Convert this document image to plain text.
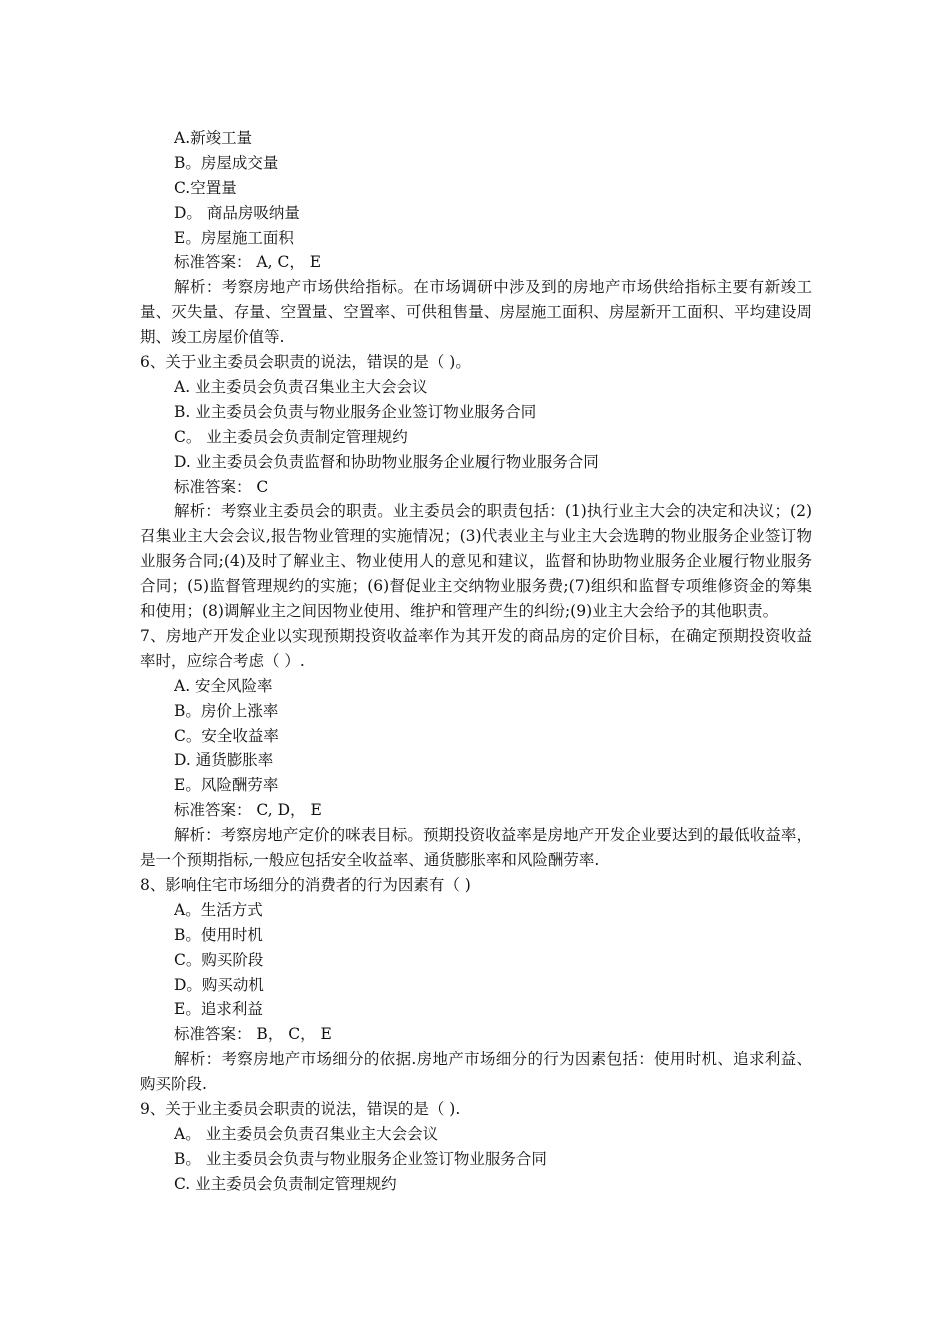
A.新竣工量
B。房屋成交量
C.空置量
D。 商品房吸纳量
E。房屋施工面积
标准答案： A, C， E
解析：考察房地产市场供给指标。在市场调研中涉及到的房地产市场供给指标主要有新竣工量、灭失量、存量、空置量、空置率、可供租售量、房屋施工面积、房屋新开工面积、平均建设周期、竣工房屋价值等.
6、关于业主委员会职责的说法，错误的是（ )。
A. 业主委员会负责召集业主大会会议
B. 业主委员会负责与物业服务企业签订物业服务合同
C。 业主委员会负责制定管理规约
D. 业主委员会负责监督和协助物业服务企业履行物业服务合同
标准答案： C
解析：考察业主委员会的职责。业主委员会的职责包括：(1)执行业主大会的决定和决议；(2)召集业主大会会议,报告物业管理的实施情况；(3)代表业主与业主大会选聘的物业服务企业签订物业服务合同;(4)及时了解业主、物业使用人的意见和建议，监督和协助物业服务企业履行物业服务合同；(5)监督管理规约的实施；(6)督促业主交纳物业服务费;(7)组织和监督专项维修资金的筹集和使用；(8)调解业主之间因物业使用、维护和管理产生的纠纷;(9)业主大会给予的其他职责。
7、房地产开发企业以实现预期投资收益率作为其开发的商品房的定价目标，在确定预期投资收益率时，应综合考虑（ ）.
A. 安全风险率
B。房价上涨率
C。安全收益率
D. 通货膨胀率
E。风险酬劳率
标准答案： C, D， E
解析：考察房地产定价的咪表目标。预期投资收益率是房地产开发企业要达到的最低收益率，是一个预期指标,一般应包括安全收益率、通货膨胀率和风险酬劳率.
8、影响住宅市场细分的消费者的行为因素有（ )
A。生活方式
B。使用时机
C。购买阶段
D。购买动机
E。追求利益
标准答案： B， C， E
解析：考察房地产市场细分的依据.房地产市场细分的行为因素包括：使用时机、追求利益、购买阶段.
9、关于业主委员会职责的说法，错误的是（ ).
A。 业主委员会负责召集业主大会会议
B。 业主委员会负责与物业服务企业签订物业服务合同
C. 业主委员会负责制定管理规约
